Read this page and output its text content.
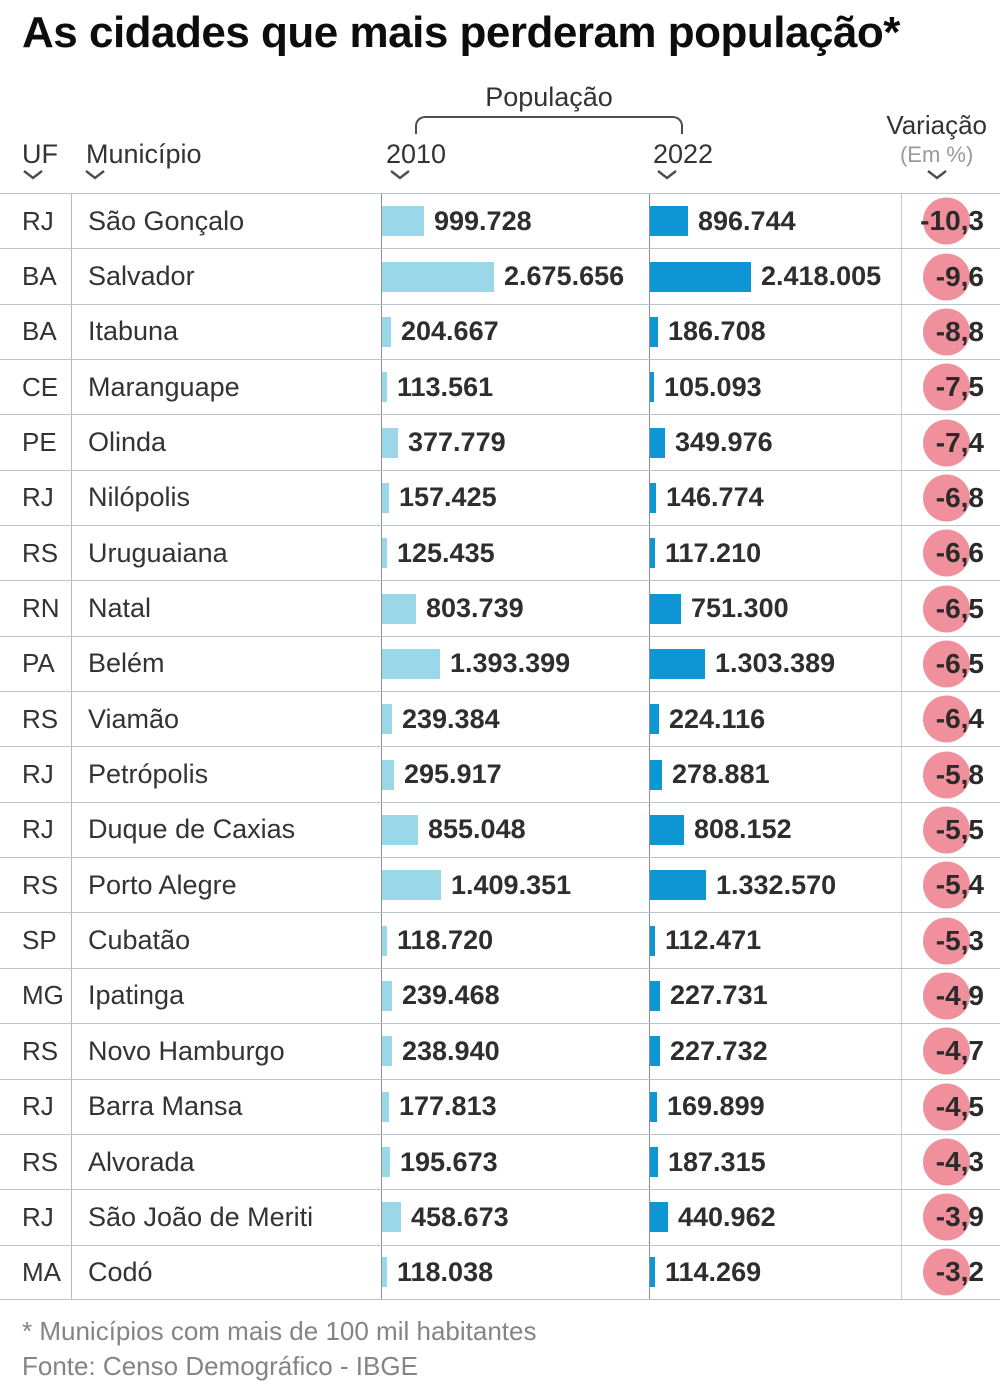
As cidades que mais perderam população*
População
UF Município	2010	2022
Variação
(Em %)
RJ	São Gonçalo	999.728	896.744	-10,3
BA	Salvador	2.675.656	2.418.005 -9,6
BA	Itabuna	204.667	186.708	-8,8
CE	Maranguape	113.561	105.093	-7,5
PE	Olinda	377.779	349.976	-7,4
RJ	Nilópolis	157.425	146.774	-6,8
RS	Uruguaiana	125.435	117.210	-6,6
RN	Natal	803.739	751.300	-6,5
PA	Belém	1.393.399	1.303.389	-6,5
RS	Viamão	239.384	224.116	-6,4
RJ	Petrópolis	295.917	278.881	-5,8
RJ	Duque de Caxias	855.048	808.152	-5,5
RS	Porto Alegre	1.409.351	1.332.570	-5,4
SP	Cubatão	118.720	112.471	-5,3
MG Ipatinga	239.468	227.731	-4,9
RS	Novo Hamburgo	238.940	227.732	-4,7
RJ	Barra Mansa	177.813	169.899	-4,5
RS	Alvorada	195.673	187.315	-4,3
RJ	São João de Meriti	458.673	440.962	-3,9
MA	Codó	118.038	114.269	-3,2
* Municípios com mais de 100 mil habitantes
Fonte: Censo Demográfico - IBGE
